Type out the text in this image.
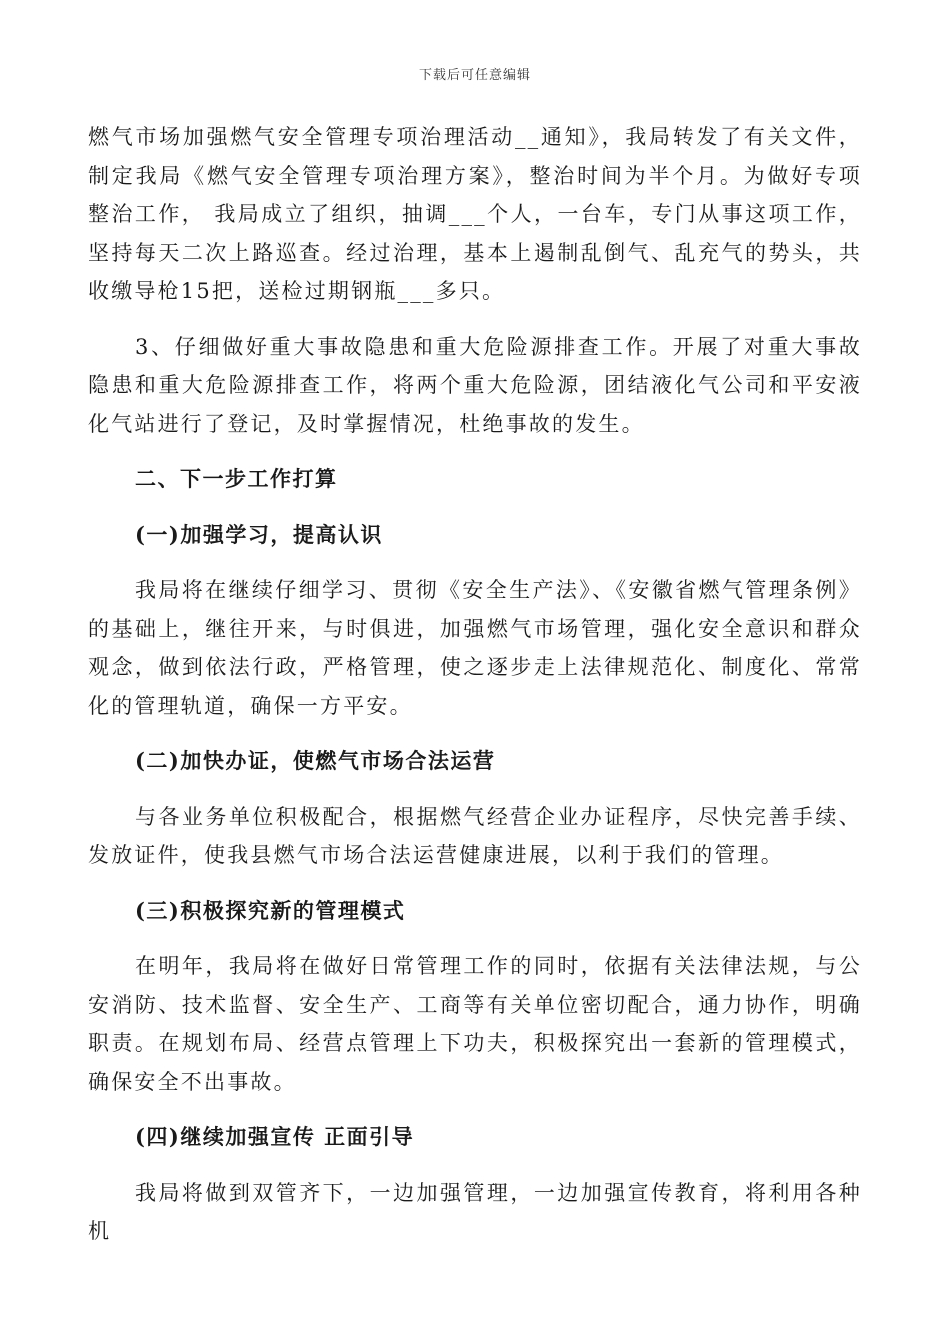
下载后可任意编辑

燃气市场加强燃气安全管理专项治理活动__通知》，我局转发了有关文件，制定我局《燃气安全管理专项治理方案》，整治时间为半个月。为做好专项整治工作， 我局成立了组织，抽调___个人，一台车，专门从事这项工作，坚持每天二次上路巡查。经过治理，基本上遏制乱倒气、乱充气的势头，共收缴导枪15把，送检过期钢瓶___多只。

3、仔细做好重大事故隐患和重大危险源排查工作。开展了对重大事故隐患和重大危险源排查工作，将两个重大危险源，团结液化气公司和平安液化气站进行了登记，及时掌握情况，杜绝事故的发生。

二、下一步工作打算

(一)加强学习，提高认识

我局将在继续仔细学习、贯彻《安全生产法》、《安徽省燃气管理条例》的基础上，继往开来，与时俱进，加强燃气市场管理，强化安全意识和群众观念，做到依法行政，严格管理，使之逐步走上法律规范化、制度化、常常化的管理轨道，确保一方平安。

(二)加快办证，使燃气市场合法运营

与各业务单位积极配合，根据燃气经营企业办证程序，尽快完善手续、发放证件，使我县燃气市场合法运营健康进展，以利于我们的管理。

(三)积极探究新的管理模式

在明年，我局将在做好日常管理工作的同时，依据有关法律法规，与公安消防、技术监督、安全生产、工商等有关单位密切配合，通力协作，明确职责。在规划布局、经营点管理上下功夫，积极探究出一套新的管理模式，确保安全不出事故。

(四)继续加强宣传 正面引导

我局将做到双管齐下，一边加强管理，一边加强宣传教育，将利用各种机
